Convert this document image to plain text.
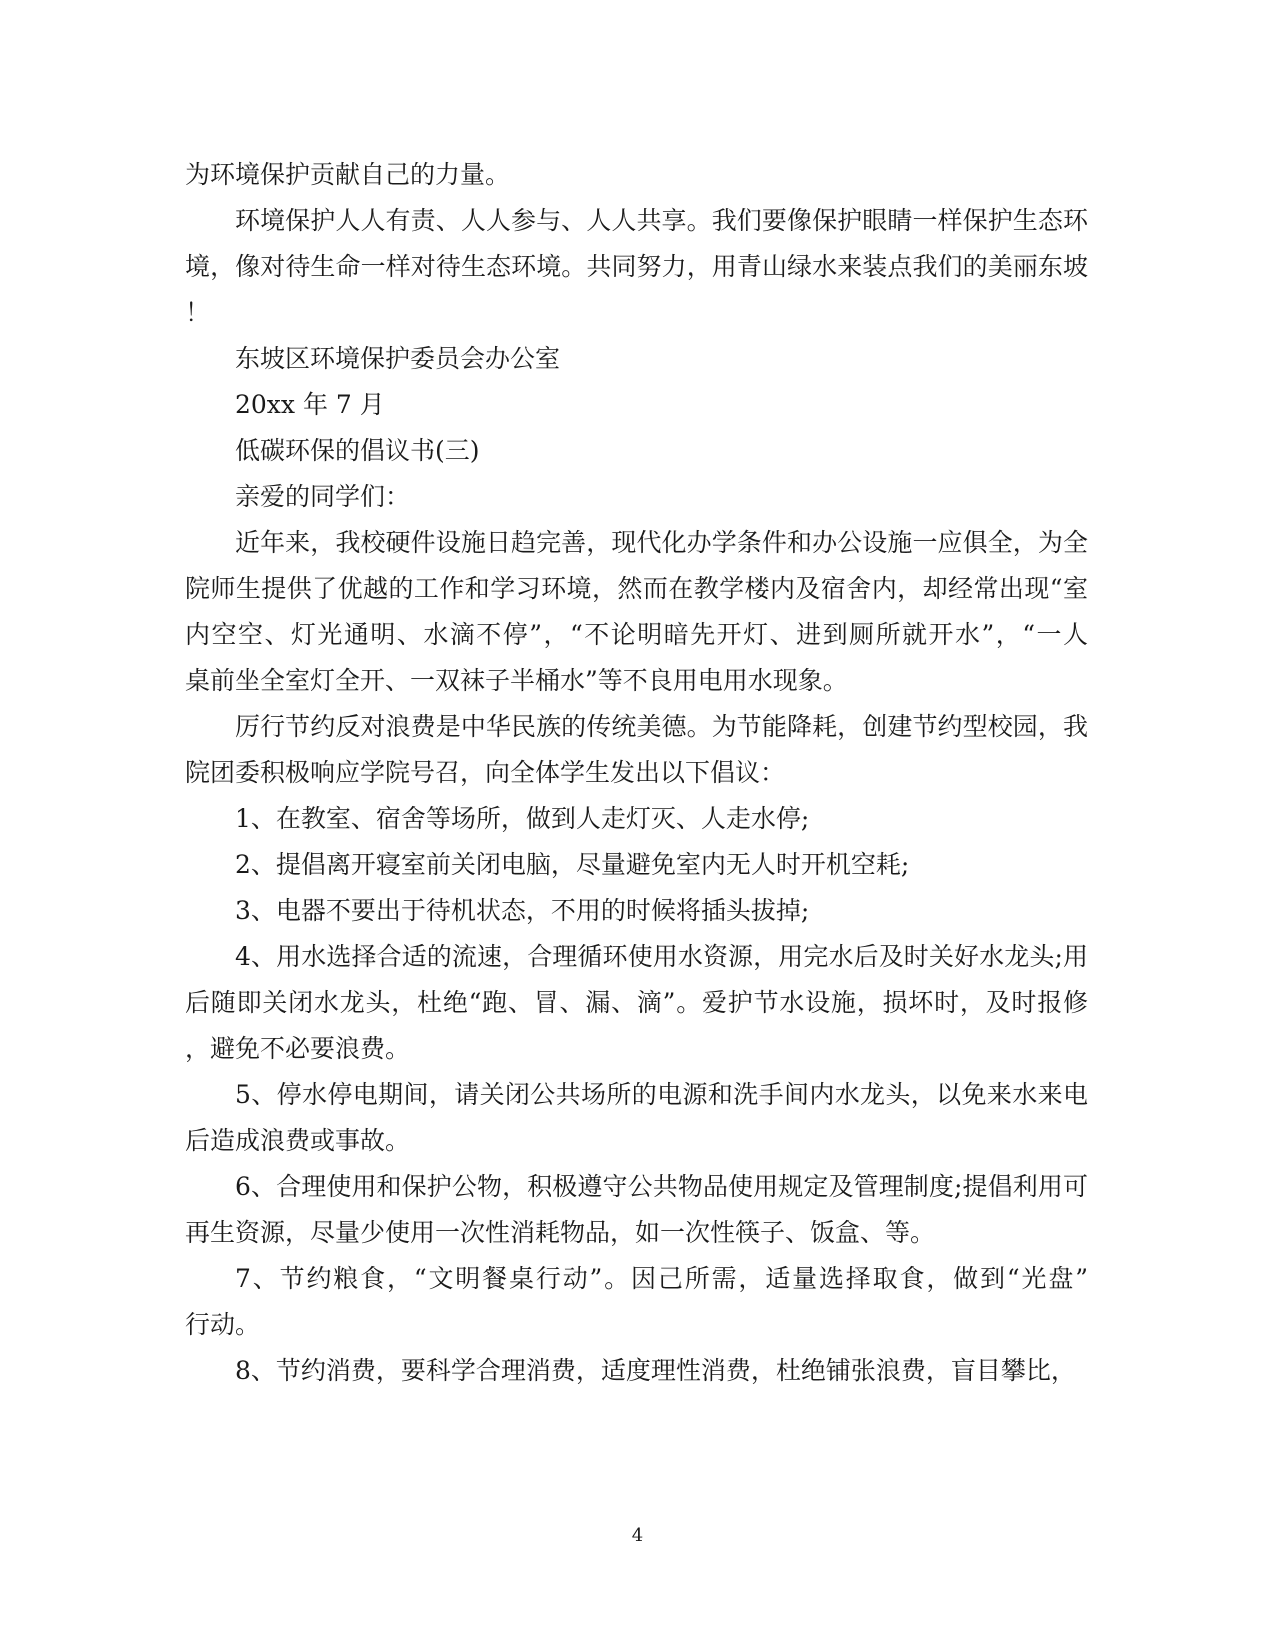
为环境保护贡献自己的力量。
环境保护人人有责、人人参与、人人共享。我们要像保护眼睛一样保护生态环
境，像对待生命一样对待生态环境。共同努力，用青山绿水来装点我们的美丽东坡
！
东坡区环境保护委员会办公室
20xx 年 7 月
低碳环保的倡议书(三)
亲爱的同学们：
近年来，我校硬件设施日趋完善，现代化办学条件和办公设施一应俱全，为全
院师生提供了优越的工作和学习环境，然而在教学楼内及宿舍内，却经常出现“室
内空空、灯光通明、水滴不停”，“不论明暗先开灯、进到厕所就开水”，“一人
桌前坐全室灯全开、一双袜子半桶水”等不良用电用水现象。
厉行节约反对浪费是中华民族的传统美德。为节能降耗，创建节约型校园，我
院团委积极响应学院号召，向全体学生发出以下倡议：
1、在教室、宿舍等场所，做到人走灯灭、人走水停;
2、提倡离开寝室前关闭电脑，尽量避免室内无人时开机空耗;
3、电器不要出于待机状态，不用的时候将插头拔掉;
4、用水选择合适的流速，合理循环使用水资源，用完水后及时关好水龙头;用
后随即关闭水龙头，杜绝“跑、冒、漏、滴”。爱护节水设施，损坏时，及时报修
，避免不必要浪费。
5、停水停电期间，请关闭公共场所的电源和洗手间内水龙头，以免来水来电
后造成浪费或事故。
6、合理使用和保护公物，积极遵守公共物品使用规定及管理制度;提倡利用可
再生资源，尽量少使用一次性消耗物品，如一次性筷子、饭盒、等。
7、节约粮食，“文明餐桌行动”。因己所需，适量选择取食，做到“光盘”
行动。
8、节约消费，要科学合理消费，适度理性消费，杜绝铺张浪费，盲目攀比，
4
